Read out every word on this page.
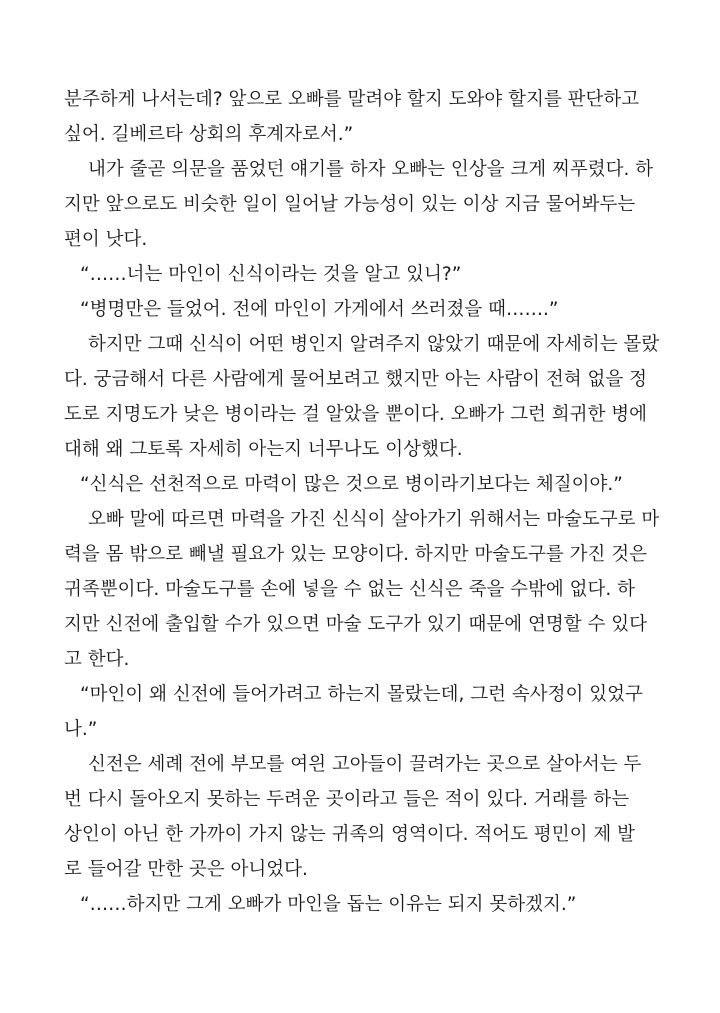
분주하게 나서는데? 앞으로 오빠를 말려야 할지 도와야 할지를 판단하고
싶어. 길베르타 상회의 후계자로서.”
내가 줄곧 의문을 품었던 얘기를 하자 오빠는 인상을 크게 찌푸렸다. 하
지만 앞으로도 비슷한 일이 일어날 가능성이 있는 이상 지금 물어봐두는
편이 낫다.
“……너는 마인이 신식이라는 것을 알고 있니?”
“병명만은 들었어. 전에 마인이 가게에서 쓰러졌을 때…….”
하지만 그때 신식이 어떤 병인지 알려주지 않았기 때문에 자세히는 몰랐
다. 궁금해서 다른 사람에게 물어보려고 했지만 아는 사람이 전혀 없을 정
도로 지명도가 낮은 병이라는 걸 알았을 뿐이다. 오빠가 그런 희귀한 병에
대해 왜 그토록 자세히 아는지 너무나도 이상했다.
“신식은 선천적으로 마력이 많은 것으로 병이라기보다는 체질이야.”
오빠 말에 따르면 마력을 가진 신식이 살아가기 위해서는 마술도구로 마
력을 몸 밖으로 빼낼 필요가 있는 모양이다. 하지만 마술도구를 가진 것은
귀족뿐이다. 마술도구를 손에 넣을 수 없는 신식은 죽을 수밖에 없다. 하
지만 신전에 출입할 수가 있으면 마술 도구가 있기 때문에 연명할 수 있다
고 한다.
“마인이 왜 신전에 들어가려고 하는지 몰랐는데, 그런 속사정이 있었구
나.”
신전은 세례 전에 부모를 여읜 고아들이 끌려가는 곳으로 살아서는 두
번 다시 돌아오지 못하는 두려운 곳이라고 들은 적이 있다. 거래를 하는
상인이 아닌 한 가까이 가지 않는 귀족의 영역이다. 적어도 평민이 제 발
로 들어갈 만한 곳은 아니었다.
“……하지만 그게 오빠가 마인을 돕는 이유는 되지 못하겠지.”
